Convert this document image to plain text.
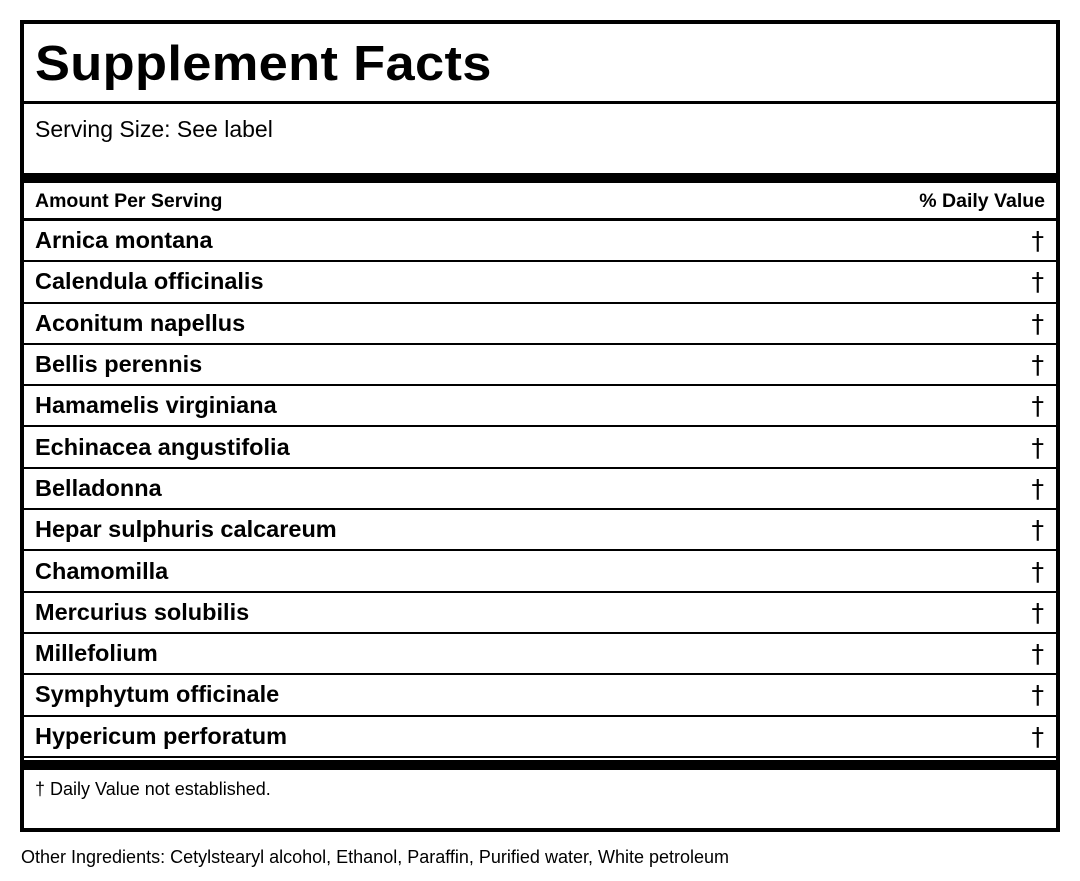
Supplement Facts
Serving Size: See label
Amount Per Serving	% Daily Value
Arnica montana	†
Calendula officinalis	†
Aconitum napellus	†
Bellis perennis	†
Hamamelis virginiana	†
Echinacea angustifolia	†
Belladonna	†
Hepar sulphuris calcareum	†
Chamomilla	†
Mercurius solubilis	†
Millefolium	†
Symphytum officinale	†
Hypericum perforatum	†
† Daily Value not established.
Other Ingredients: Cetylstearyl alcohol, Ethanol, Paraffin, Purified water, White petroleum
